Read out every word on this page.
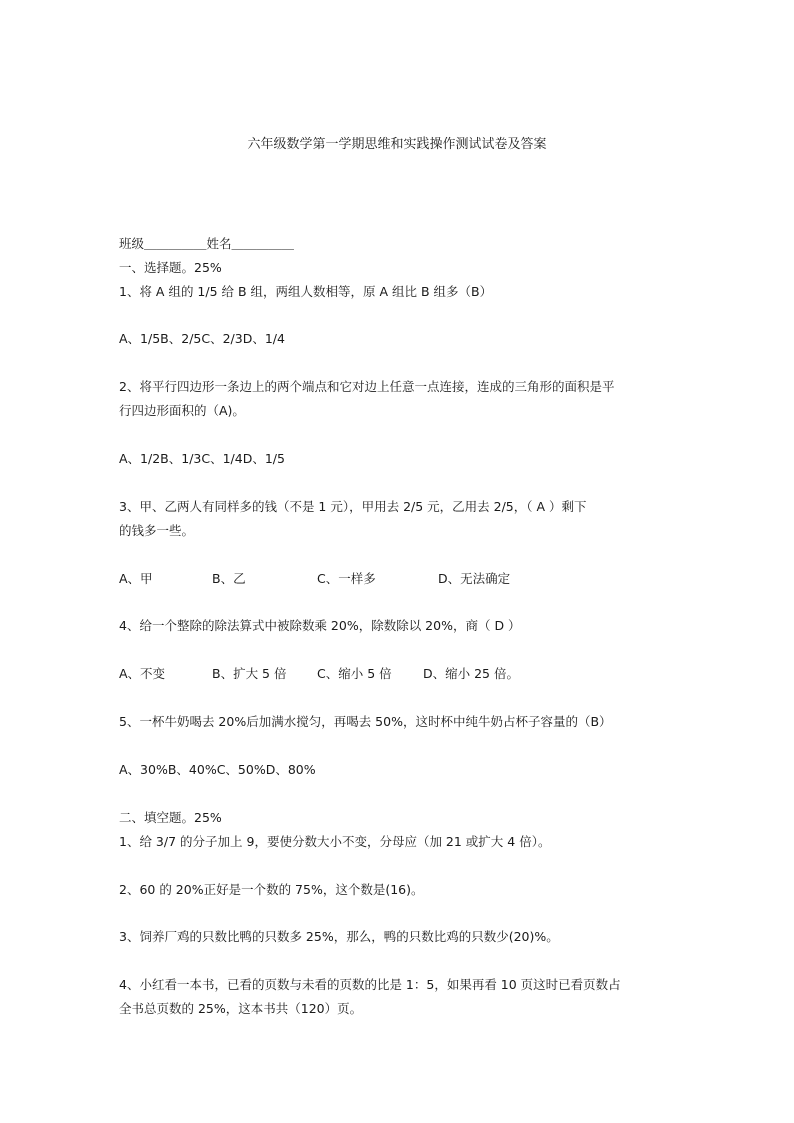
六年级数学第一学期思维和实践操作测试试卷及答案
班级＿＿＿＿＿姓名＿＿＿＿＿
一、选择题。25%
1、将 A 组的 1/5 给 B 组，两组人数相等，原 A 组比 B 组多（B）
A、1/5B、2/5C、2/3D、1/4
2、将平行四边形一条边上的两个端点和它对边上任意一点连接，连成的三角形的面积是平
行四边形面积的（A)。
A、1/2B、1/3C、1/4D、1/5
3、甲、乙两人有同样多的钱（不是 1 元），甲用去 2/5 元，乙用去 2/5，（ A ）剩下
的钱多一些。
A、甲	B、乙	C、一样多	D、无法确定
4、给一个整除的除法算式中被除数乘 20%，除数除以 20%，商（ D ）
A、不变	B、扩大 5 倍 C、缩小 5 倍	D、缩小 25 倍。
5、一杯牛奶喝去 20%后加满水搅匀，再喝去 50%，这时杯中纯牛奶占杯子容量的（B）
A、30%B、40%C、50%D、80%
二、填空题。25%
1、给 3/7 的分子加上 9，要使分数大小不变，分母应（加 21 或扩大 4 倍）。
2、60 的 20%正好是一个数的 75%，这个数是(16)。
3、饲养厂鸡的只数比鸭的只数多 25%，那么，鸭的只数比鸡的只数少(20)%。
4、小红看一本书，已看的页数与未看的页数的比是 1：5，如果再看 10 页这时已看页数占
全书总页数的 25%，这本书共（120）页。
